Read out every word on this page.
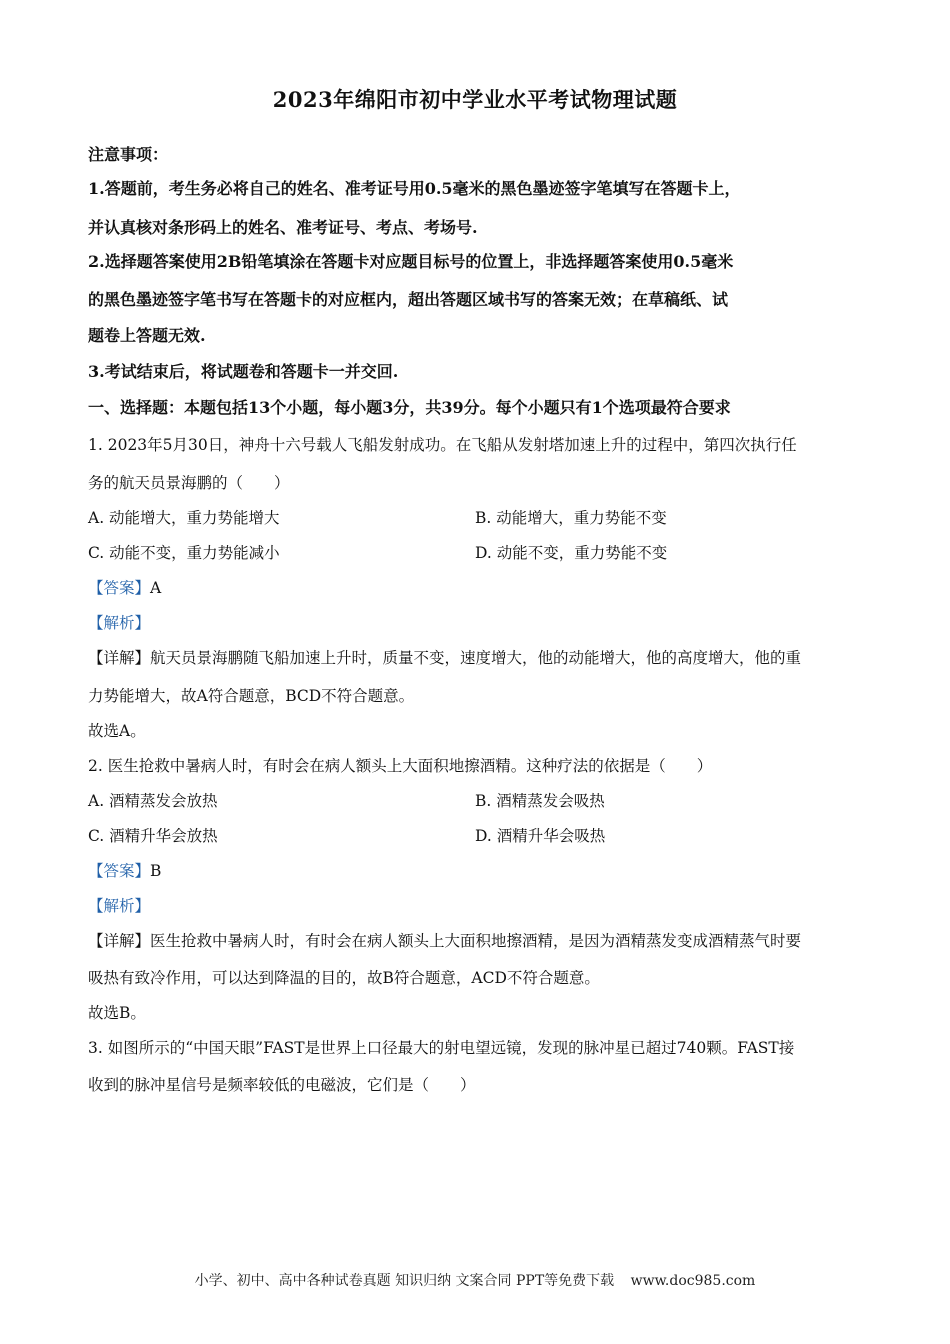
2023年绵阳市初中学业水平考试物理试题
注意事项：
1.答题前，考生务必将自己的姓名、准考证号用0.5毫米的黑色墨迹签字笔填写在答题卡上，
并认真核对条形码上的姓名、准考证号、考点、考场号.
2.选择题答案使用2B铅笔填涂在答题卡对应题目标号的位置上，非选择题答案使用0.5毫米
的黑色墨迹签字笔书写在答题卡的对应框内，超出答题区域书写的答案无效；在草稿纸、试
题卷上答题无效.
3.考试结束后，将试题卷和答题卡一并交回.
一、选择题：本题包括13个小题，每小题3分，共39分。每个小题只有1个选项最符合要求
1. 2023年5月30日，神舟十六号载人飞船发射成功。在飞船从发射塔加速上升的过程中，第四次执行任
务的航天员景海鹏的（　　）
A. 动能增大，重力势能增大	B. 动能增大，重力势能不变
C. 动能不变，重力势能减小	D. 动能不变，重力势能不变
【答案】A
【解析】
【详解】航天员景海鹏随飞船加速上升时，质量不变，速度增大，他的动能增大，他的高度增大，他的重
力势能增大，故A符合题意，BCD不符合题意。
故选A。
2. 医生抢救中暑病人时，有时会在病人额头上大面积地擦酒精。这种疗法的依据是（　　）
A. 酒精蒸发会放热	B. 酒精蒸发会吸热
C. 酒精升华会放热	D. 酒精升华会吸热
【答案】B
【解析】
【详解】医生抢救中暑病人时，有时会在病人额头上大面积地擦酒精，是因为酒精蒸发变成酒精蒸气时要
吸热有致冷作用，可以达到降温的目的，故B符合题意，ACD不符合题意。
故选B。
3. 如图所示的“中国天眼”FAST是世界上口径最大的射电望远镜，发现的脉冲星已超过740颗。FAST接
收到的脉冲星信号是频率较低的电磁波，它们是（　　）
小学、初中、高中各种试卷真题 知识归纳 文案合同 PPT等免费下载 www.doc985.com
